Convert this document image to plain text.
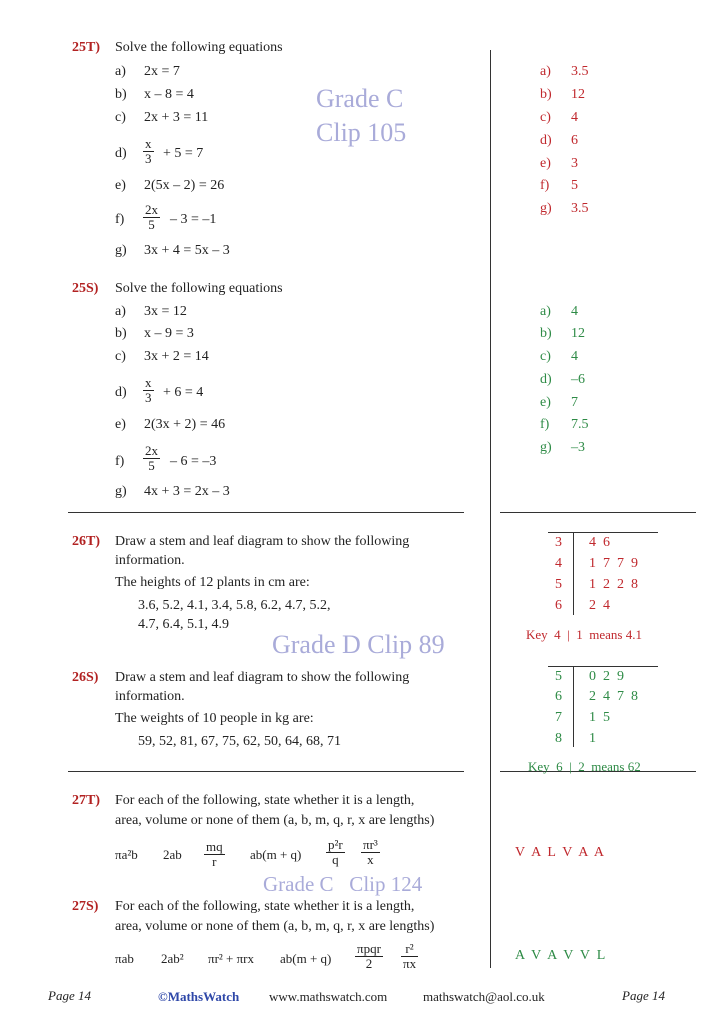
25T) Solve the following equations
a) 2x = 7
b) x – 8 = 4
c) 2x + 3 = 11
$d) \frac{x}{3} + 5 = 7$
e) 2(5x – 2) = 26
$f) \frac{2x}{5} - 3 = -1$
g) 3x + 4 = 5x – 3
Grade C
Clip 105
a) 3.5
b) 12
c) 4
d) 6
e) 3
f) 5
g) 3.5
25S) Solve the following equations
a) 3x = 12
b) x – 9 = 3
c) 3x + 2 = 14
$d) \frac{x}{3} + 6 = 4$
e) 2(3x + 2) = 46
$f) \frac{2x}{5} - 6 = -3$
g) 4x + 3 = 2x – 3
a) 4
b) 12
c) 4
d) –6
e) 7
f) 7.5
g) –3
26T) Draw a stem and leaf diagram to show the following
information.
The heights of 12 plants in cm are:
3.6, 5.2, 4.1, 3.4, 5.8, 6.2, 4.7, 5.2,
4.7, 6.4, 5.1, 4.9
Grade D Clip 89
3 4  6
4 1  7  7  9
5 1  2  2  8
6 2  4
Key  4  |  1  means 4.1
26S) Draw a stem and leaf diagram to show the following
information.
The weights of 10 people in kg are:
59, 52, 81, 67, 75, 62, 50, 64, 68, 71
5 0  2  9
6 2  4  7  8
7 1  5
8 1
Key  6  |  2  means 62
27T) For each of the following, state whether it is a length,
area, volume or none of them (a, b, m, q, r, x are lengths)
πa²b $2ab \frac{mq}{r} ab(m + q) \frac{\text{p²r}}{q} \frac{\text{πr³}}{x}$	V  A  L  V  A  A
Grade C   Clip 124
27S) For each of the following, state whether it is a length,
area, volume or none of them (a, b, m, q, r, x are lengths)
πab 2ab² πr² + πrx ab(m + q)
πpqr
2	$\frac{\text{r²}}{\pi x}$	A  V  A  V  V  L
Page 14	©MathsWatch www.mathswatch.com	mathswatch@aol.co.uk	Page 14
